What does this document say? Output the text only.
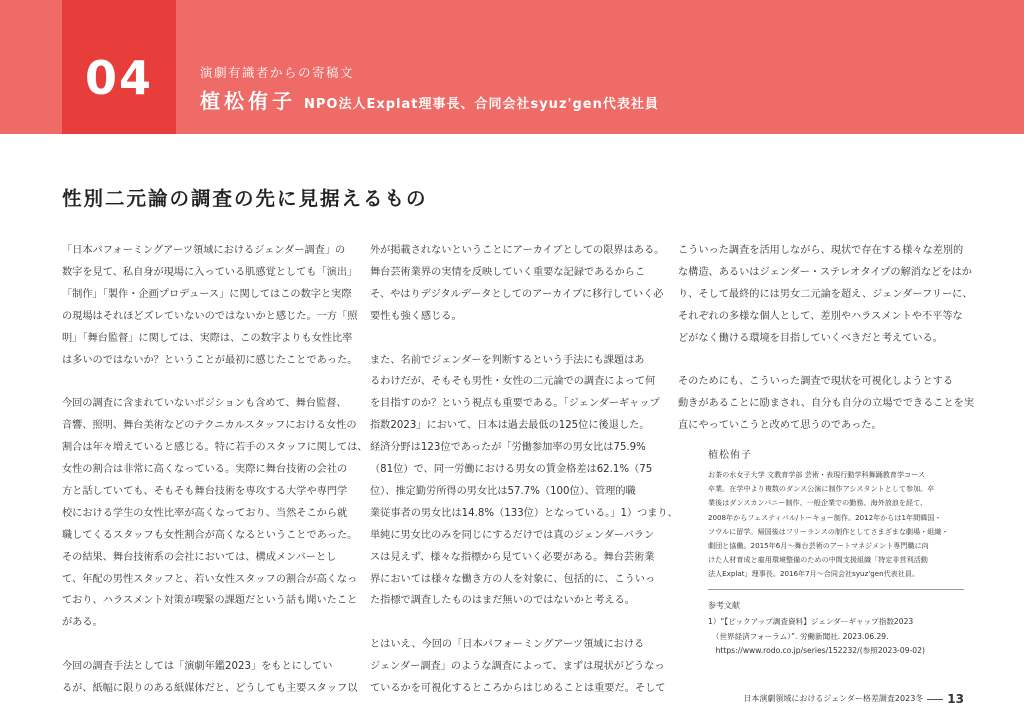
04	演劇有識者からの寄稿文
植松侑子 NPO法人Explat理事長、合同会社syuz'gen代表社員
性別二元論の調査の先に見据えるもの

「日本パフォーミングアーツ領域におけるジェンダー調査」の

数字を見て、私自身が現場に入っている肌感覚としても「演出」

「制作」「製作・企画プロデュース」に関してはこの数字と実際

の現場はそれほどズレていないのではないかと感じた。一方「照

明」「舞台監督」に関しては、実際は、この数字よりも女性比率

は多いのではないか？ということが最初に感じたことであった。

今回の調査に含まれていないポジションも含めて、舞台監督、

音響、照明、舞台美術などのテクニカルスタッフにおける女性の

割合は年々増えていると感じる。特に若手のスタッフに関しては、

女性の割合は非常に高くなっている。実際に舞台技術の会社の

方と話していても、そもそも舞台技術を専攻する大学や専門学

校における学生の女性比率が高くなっており、当然そこから就

職してくるスタッフも女性割合が高くなるということであった。

その結果、舞台技術系の会社においては、構成メンバーとし

て、年配の男性スタッフと、若い女性スタッフの割合が高くなっ

ており、ハラスメント対策が喫緊の課題だという話も聞いたこと

がある。

今回の調査手法としては「演劇年鑑2023」をもとにしてい

るが、紙幅に限りのある紙媒体だと、どうしても主要スタッフ以

外が掲載されないということにアーカイブとしての限界はある。

舞台芸術業界の実情を反映していく重要な記録であるからこ

そ、やはりデジタルデータとしてのアーカイブに移行していく必

要性も強く感じる。

また、名前でジェンダーを判断するという手法にも課題はあ

るわけだが、そもそも男性・女性の二元論での調査によって何

を目指すのか？という視点も重要である。「ジェンダーギャップ

指数2023」において、日本は過去最低の125位に後退した。

経済分野は123位であったが「労働参加率の男女比は75.9%

（81位）で、同一労働における男女の賃金格差は62.1%（75

位）、推定勤労所得の男女比は57.7%（100位）、管理的職

業従事者の男女比は14.8%（133位）となっている。」1）つまり、

単純に男女比のみを同じにするだけでは真のジェンダーバラン

スは見えず、様々な指標から見ていく必要がある。舞台芸術業

界においては様々な働き方の人を対象に、包括的に、こういっ

た指標で調査したものはまだ無いのではないかと考える。

とはいえ、今回の「日本パフォーミングアーツ領域における

ジェンダー調査」のような調査によって、まずは現状がどうなっ

ているかを可視化するところからはじめることは重要だ。そして

こういった調査を活用しながら、現状で存在する様々な差別的

な構造、あるいはジェンダー・ステレオタイプの解消などをはか

り、そして最終的には男女二元論を超え、ジェンダーフリーに、

それぞれの多様な個人として、差別やハラスメントや不平等な

どがなく働ける環境を目指していくべきだと考えている。

そのためにも、こういった調査で現状を可視化しようとする

動きがあることに励まされ、自分も自分の立場でできることを実

直にやっていこうと改めて思うのであった。

植松侑子

お茶の水女子大学 文教育学部 芸術・表現行動学科舞踊教育学コース

卒業。在学中より複数のダンス公演に制作アシスタントとして参加。卒

業後はダンスカンパニー制作、一般企業での勤務、海外放浪を経て、

2008年からフェスティバル/トーキョー制作。2012年からは1年間韓国・

ソウルに留学。帰国後はフリーランスの制作としてさまざまな劇場・組織・

劇団と協働。2015年6月〜舞台芸術のアートマネジメント専門職に向

けた人材育成と雇用環境整備のための中間支援組織「特定非営利活動

法人Explat」理事長。2016年7月〜合同会社syuz'gen代表社員。

参考文献

1）“【ピックアップ調査資料】ジェンダーギャップ指数2023

　（世界経済フォーラム）”. 労働新聞社. 2023.06.29.

　https://www.rodo.co.jp/series/152232/(参照2023-09-02)

日本演劇領域におけるジェンダー格差調査2023冬 13
